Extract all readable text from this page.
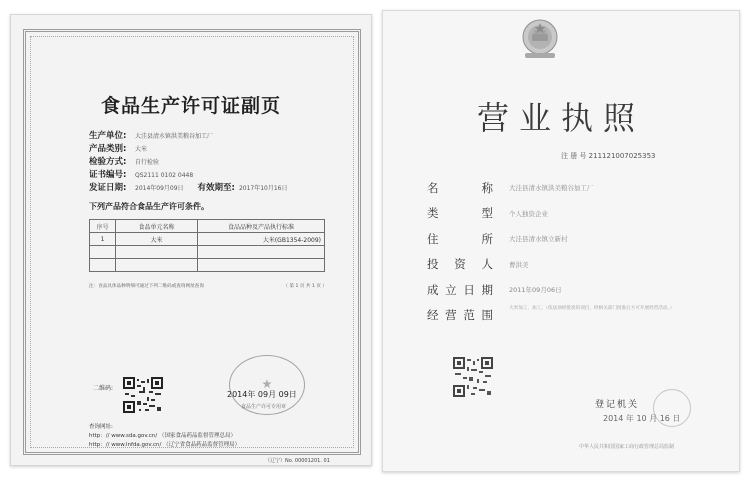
食品生产许可证副页
生产单位:	大洼县清水镇洪美粮谷加工厂
产品类别:	大米
检验方式:	自行检验
证书编号:	QS2111 0102 0448
发证日期:	2014年09月09日 有效期至: 2017年10月16日
下列产品符合食品生产许可条件。
序号	食品单元名称	食品品种及产品执行标准
1	大米	大米(GB1354-2009)

注：食品具体品种明细可通过下列二维码或查询网址查询	（ 第 1 页 共 1 页 ）
二维码:
2014年 09月 09日
食品生产许可专用章
查询网址:
http：// www.sda.gov.cn/ （国家食品药品监督管理总局）
http：// www.lnfda.gov.cn/ （辽宁省食品药品监督管理局）
（辽宁）No. 00001201. 01
营业执照
注 册 号 211121007025353
名	称 大洼县清水镇洪美粮谷加工厂
类	型 个人独资企业
住	所 大洼县清水镇立新村
投 资 人 曹洪美
成 立 日 期 2011年09月06日
经 营 范 围	大米加工、加工。（依法须经批准的项目，经相关部门批准后方可开展经营活动。）
登记机关
2014 年 10 月 16 日
中华人民共和国国家工商行政管理总局监制
